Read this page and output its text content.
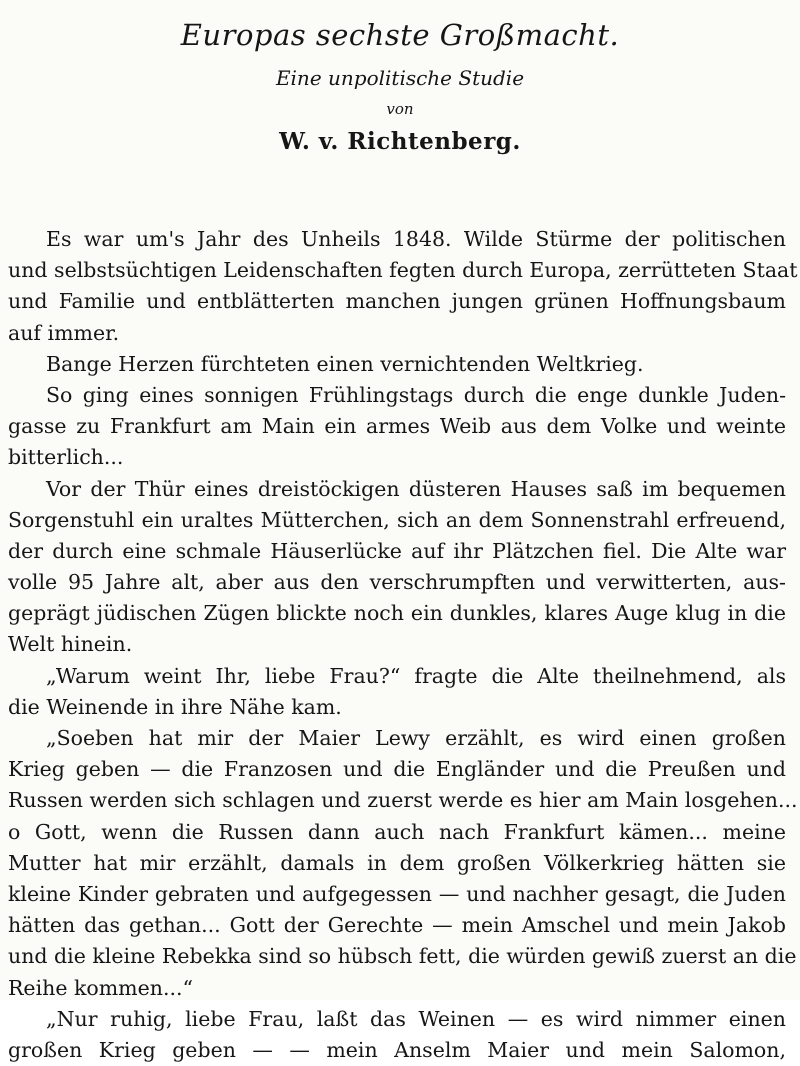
Europas sechste Großmacht.
Eine unpolitische Studie
von
W. v. Richtenberg.
Es war um's Jahr des Unheils 1848. Wilde Stürme der politischen
und selbstsüchtigen Leidenschaften fegten durch Europa, zerrütteten Staat
und Familie und entblätterten manchen jungen grünen Hoffnungsbaum
auf immer.
Bange Herzen fürchteten einen vernichtenden Weltkrieg.
So ging eines sonnigen Frühlingstags durch die enge dunkle Juden-
gasse zu Frankfurt am Main ein armes Weib aus dem Volke und weinte
bitterlich...
Vor der Thür eines dreistöckigen düsteren Hauses saß im bequemen
Sorgenstuhl ein uraltes Mütterchen, sich an dem Sonnenstrahl erfreuend,
der durch eine schmale Häuserlücke auf ihr Plätzchen fiel. Die Alte war
volle 95 Jahre alt, aber aus den verschrumpften und verwitterten, aus-
geprägt jüdischen Zügen blickte noch ein dunkles, klares Auge klug in die
Welt hinein.
„Warum weint Ihr, liebe Frau?“ fragte die Alte theilnehmend, als
die Weinende in ihre Nähe kam.
„Soeben hat mir der Maier Lewy erzählt, es wird einen großen
Krieg geben — die Franzosen und die Engländer und die Preußen und
Russen werden sich schlagen und zuerst werde es hier am Main losgehen...
o Gott, wenn die Russen dann auch nach Frankfurt kämen... meine
Mutter hat mir erzählt, damals in dem großen Völkerkrieg hätten sie
kleine Kinder gebraten und aufgegessen — und nachher gesagt, die Juden
hätten das gethan... Gott der Gerechte — mein Amschel und mein Jakob
und die kleine Rebekka sind so hübsch fett, die würden gewiß zuerst an die
Reihe kommen...“
„Nur ruhig, liebe Frau, laßt das Weinen — es wird nimmer einen
großen Krieg geben — — mein Anselm Maier und mein Salomon,
